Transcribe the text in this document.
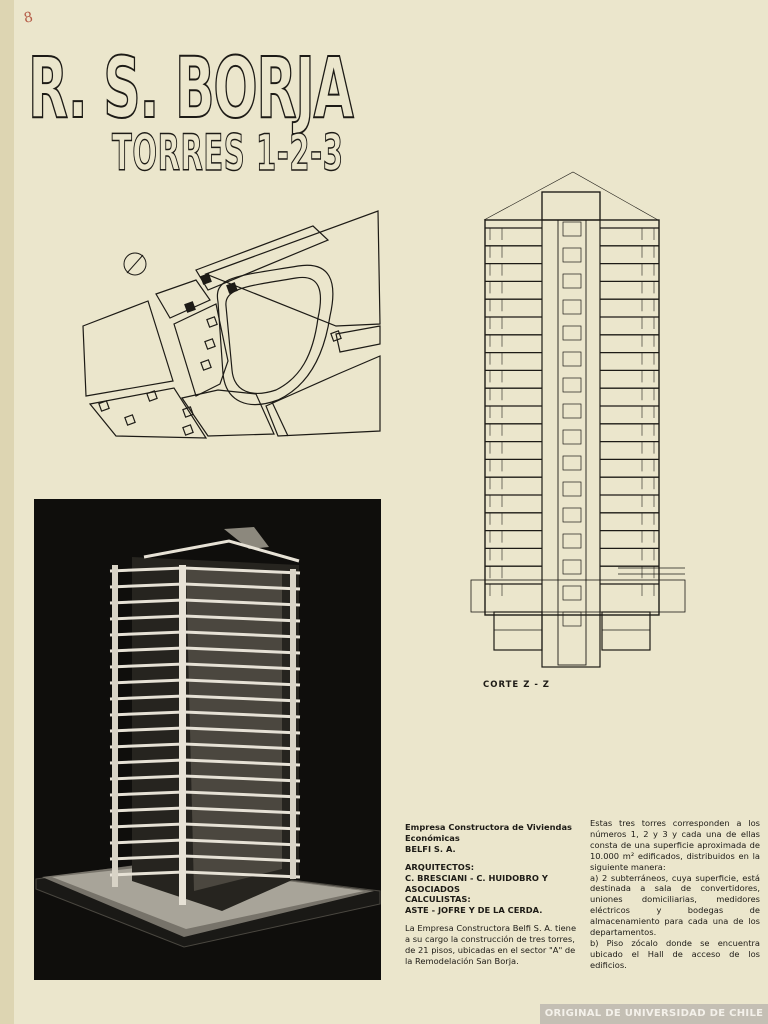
8
R. S. BORJA
TORRES 1-2-3
CORTE Z - Z
Empresa Constructora de Viviendas Económicas
BELFI S. A.
ARQUITECTOS:
C. BRESCIANI - C. HUIDOBRO Y ASOCIADOS
CALCULISTAS:
ASTE - JOFRE Y DE LA CERDA.

La Empresa Constructora Belfi S. A. tiene a su cargo la construcción de tres torres, de 21 pisos, ubicadas en el sector "A" de la Remodelación San Borja.

Estas tres torres corresponden a los números 1, 2 y 3 y cada una de ellas consta de una superficie aproximada de 10.000 m² edificados, distribuidos en la siguiente manera:

a) 2 subterráneos, cuya superficie, está destinada a sala de convertidores, uniones domiciliarias, medidores eléctricos y bodegas de almacenamiento para cada una de los departamentos.

b) Piso zócalo donde se encuentra ubicado el Hall de acceso de los edificios.

ORIGINAL DE UNIVERSIDAD DE CHILE
